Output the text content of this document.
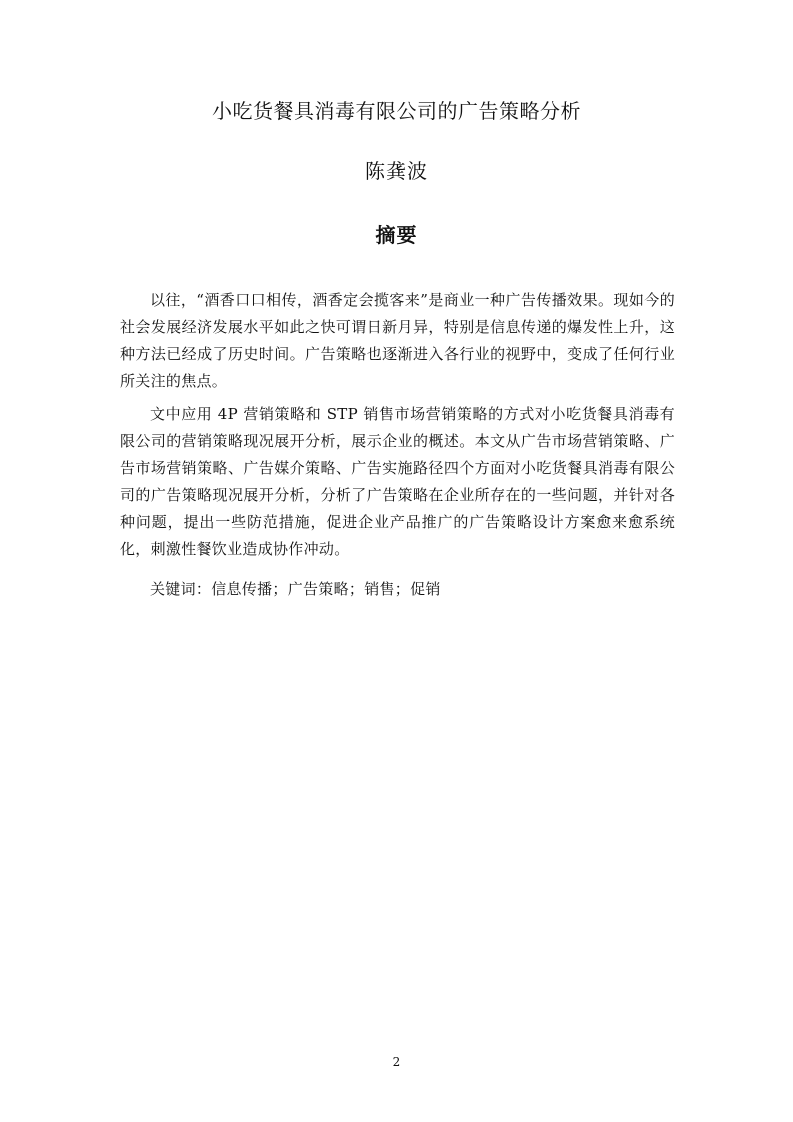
小吃货餐具消毒有限公司的广告策略分析
陈龚波
摘要

以往，“酒香口口相传，酒香定会揽客来”是商业一种广告传播效果。现如今的社会发展经济发展水平如此之快可谓日新月异，特别是信息传递的爆发性上升，这种方法已经成了历史时间。广告策略也逐渐进入各行业的视野中，变成了任何行业所关注的焦点。

文中应用 4P 营销策略和 STP 销售市场营销策略的方式对小吃货餐具消毒有限公司的营销策略现况展开分析，展示企业的概述。本文从广告市场营销策略、广告市场营销策略、广告媒介策略、广告实施路径四个方面对小吃货餐具消毒有限公司的广告策略现况展开分析，分析了广告策略在企业所存在的一些问题，并针对各种问题，提出一些防范措施，促进企业产品推广的广告策略设计方案愈来愈系统化，刺激性餐饮业造成协作冲动。

关键词：信息传播；广告策略；销售；促销
2
